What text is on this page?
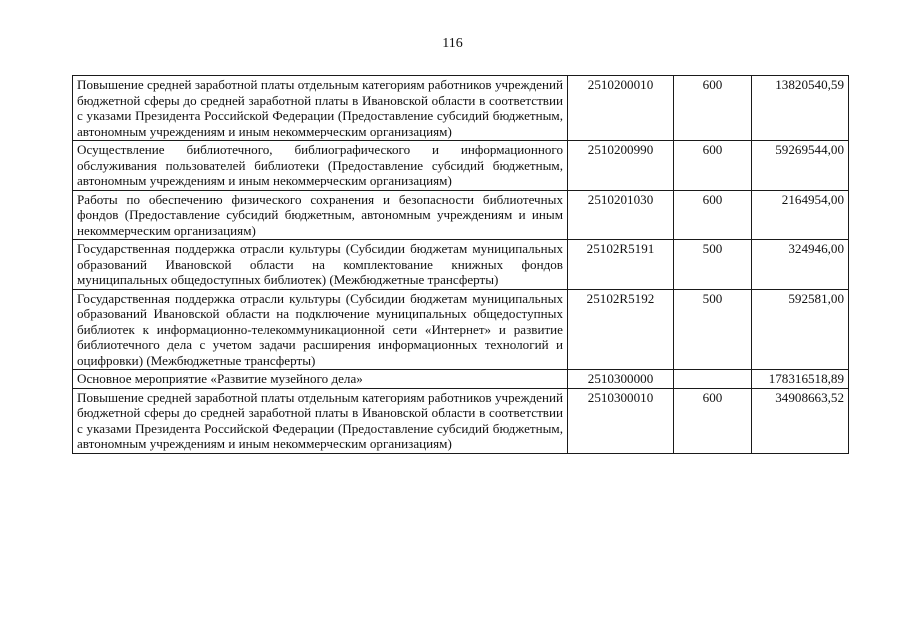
116
Повышение средней заработной платы отдельным категориям работников учреждений бюджетной сферы до средней заработной платы в Ивановской области в соответствии с указами Президента Российской Федерации (Предоставление субсидий бюджетным, автономным учреждениям и иным некоммерческим организациям)	2510200010	600	13820540,59
Осуществление библиотечного, библиографического и информационного обслуживания пользователей библиотеки (Предоставление субсидий бюджетным, автономным учреждениям и иным некоммерческим организациям)	2510200990	600	59269544,00
Работы по обеспечению физического сохранения и безопасности библиотечных фондов (Предоставление субсидий бюджетным, автономным учреждениям и иным некоммерческим организациям)	2510201030	600	2164954,00
Государственная поддержка отрасли культуры (Субсидии бюджетам муниципальных образований Ивановской области на комплектование книжных фондов муниципальных общедоступных библиотек) (Межбюджетные трансферты)	25102R5191	500	324946,00
Государственная поддержка отрасли культуры (Субсидии бюджетам муниципальных образований Ивановской области на подключение муниципальных общедоступных библиотек к информационно-телекоммуникационной сети «Интернет» и развитие библиотечного дела с учетом задачи расширения информационных технологий и оцифровки) (Межбюджетные трансферты)	25102R5192	500	592581,00
Основное мероприятие «Развитие музейного дела»	2510300000		178316518,89
Повышение средней заработной платы отдельным категориям работников учреждений бюджетной сферы до средней заработной платы в Ивановской области в соответствии с указами Президента Российской Федерации (Предоставление субсидий бюджетным, автономным учреждениям и иным некоммерческим организациям)	2510300010	600	34908663,52
